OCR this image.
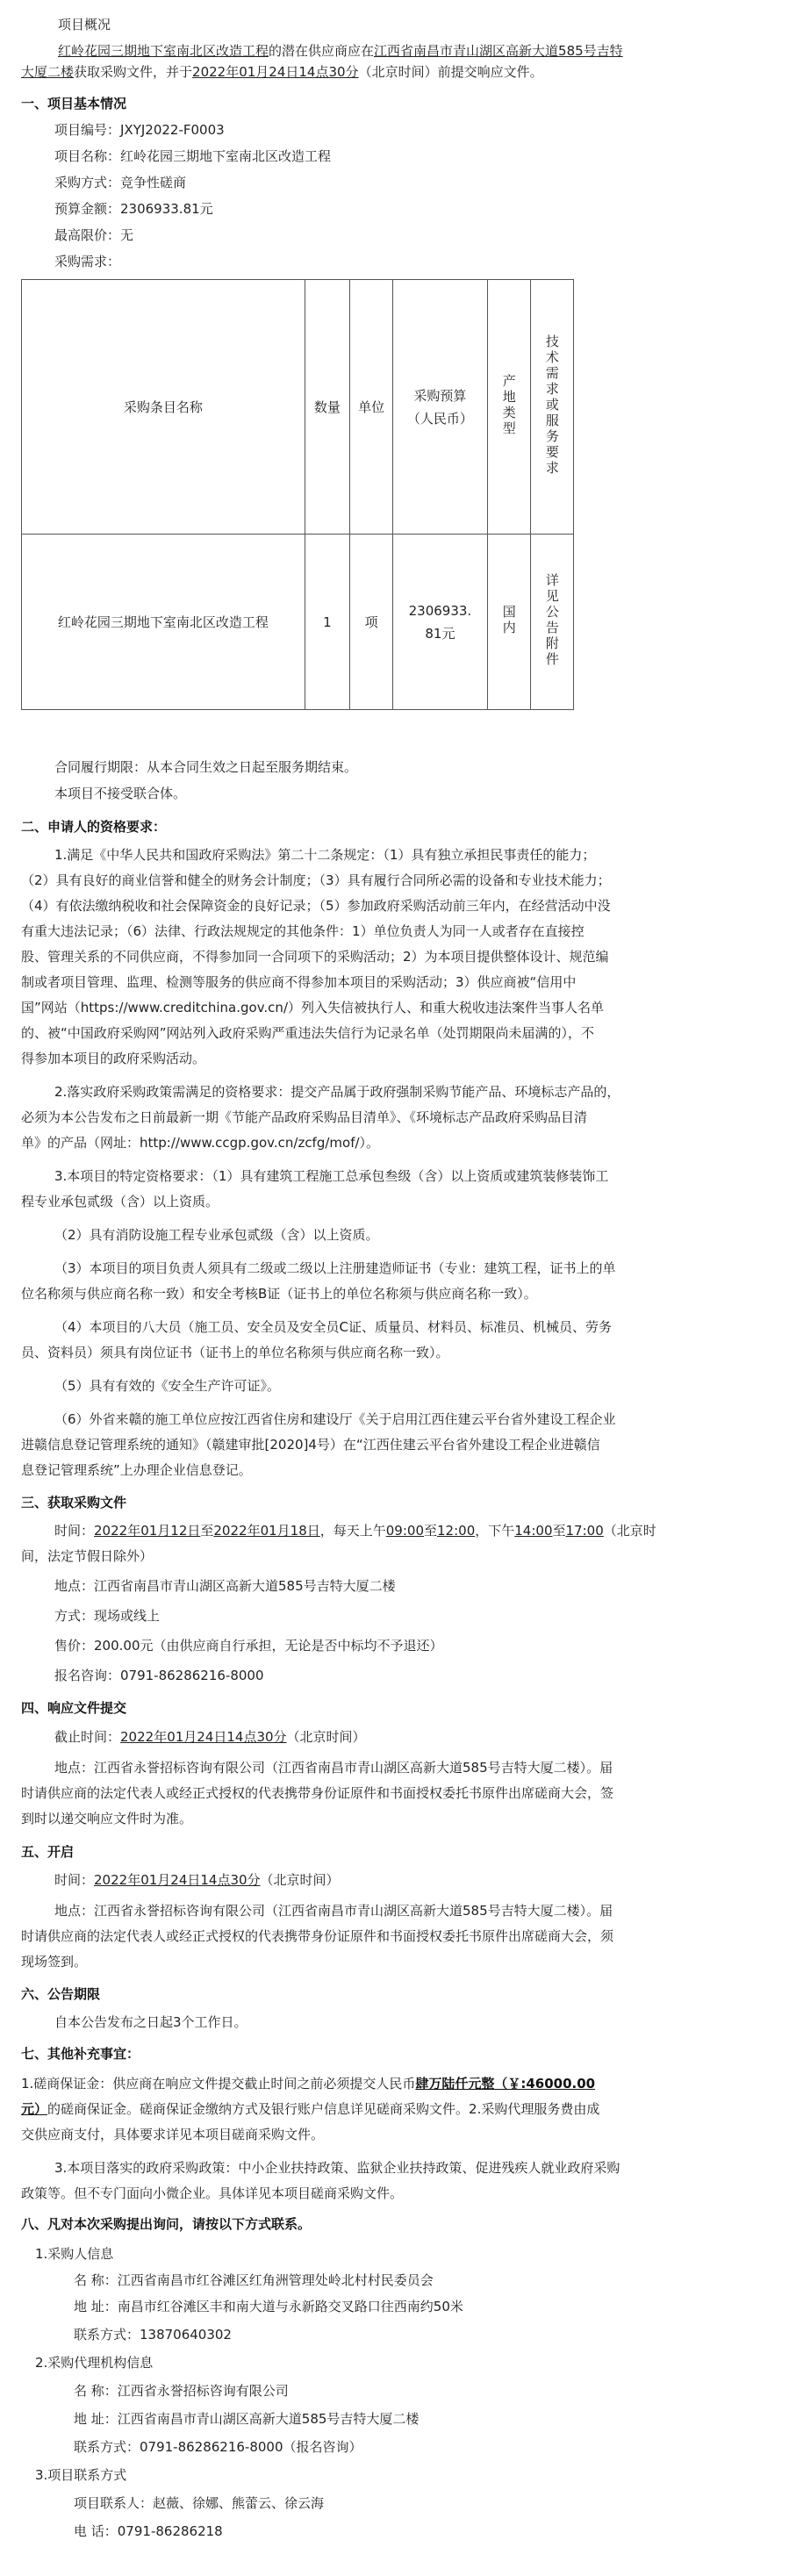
项目概况
红岭花园三期地下室南北区改造工程的潜在供应商应在江西省南昌市青山湖区高新大道585号吉特
大厦二楼获取采购文件，并于2022年01月24日14点30分（北京时间）前提交响应文件。
一、项目基本情况
项目编号：JXYJ2022-F0003
项目名称：红岭花园三期地下室南北区改造工程
采购方式：竞争性磋商
预算金额：2306933.81元
最高限价：无
采购需求：
采购条目名称	数量	单位	采购预算（人民币）	产地类型	技术需求或服务要求
红岭花园三期地下室南北区改造工程	1	项	2306933.81元	国内	详见公告附件
合同履行期限：从本合同生效之日起至服务期结束。
本项目不接受联合体。
二、申请人的资格要求：
1.满足《中华人民共和国政府采购法》第二十二条规定：（1）具有独立承担民事责任的能力；
（2）具有良好的商业信誉和健全的财务会计制度；（3）具有履行合同所必需的设备和专业技术能力；
（4）有依法缴纳税收和社会保障资金的良好记录；（5）参加政府采购活动前三年内，在经营活动中没
有重大违法记录；（6）法律、行政法规规定的其他条件：1）单位负责人为同一人或者存在直接控
股、管理关系的不同供应商，不得参加同一合同项下的采购活动；2）为本项目提供整体设计、规范编
制或者项目管理、监理、检测等服务的供应商不得参加本项目的采购活动；3）供应商被“信用中
国”网站（https://www.creditchina.gov.cn/）列入失信被执行人、和重大税收违法案件当事人名单
的、被“中国政府采购网”网站列入政府采购严重违法失信行为记录名单（处罚期限尚未届满的），不
得参加本项目的政府采购活动。
2.落实政府采购政策需满足的资格要求：提交产品属于政府强制采购节能产品、环境标志产品的，
必须为本公告发布之日前最新一期《节能产品政府采购品目清单》、《环境标志产品政府采购品目清
单》的产品（网址：http://www.ccgp.gov.cn/zcfg/mof/）。
3.本项目的特定资格要求：（1）具有建筑工程施工总承包叁级（含）以上资质或建筑装修装饰工
程专业承包贰级（含）以上资质。
（2）具有消防设施工程专业承包贰级（含）以上资质。
（3）本项目的项目负责人须具有二级或二级以上注册建造师证书（专业：建筑工程，证书上的单
位名称须与供应商名称一致）和安全考核B证（证书上的单位名称须与供应商名称一致）。
（4）本项目的八大员（施工员、安全员及安全员C证、质量员、材料员、标准员、机械员、劳务
员、资料员）须具有岗位证书（证书上的单位名称须与供应商名称一致）。
（5）具有有效的《安全生产许可证》。
（6）外省来赣的施工单位应按江西省住房和建设厅《关于启用江西住建云平台省外建设工程企业
进赣信息登记管理系统的通知》（赣建审批[2020]4号）在“江西住建云平台省外建设工程企业进赣信
息登记管理系统”上办理企业信息登记。
三、获取采购文件
时间：2022年01月12日至2022年01月18日，每天上午09:00至12:00，下午14:00至17:00（北京时
间，法定节假日除外）
地点：江西省南昌市青山湖区高新大道585号吉特大厦二楼
方式：现场或线上
售价：200.00元（由供应商自行承担，无论是否中标均不予退还）
报名咨询：0791-86286216-8000
四、响应文件提交
截止时间：2022年01月24日14点30分（北京时间）
地点：江西省永誉招标咨询有限公司（江西省南昌市青山湖区高新大道585号吉特大厦二楼）。届
时请供应商的法定代表人或经正式授权的代表携带身份证原件和书面授权委托书原件出席磋商大会，签
到时以递交响应文件时为准。
五、开启
时间：2022年01月24日14点30分（北京时间）
地点：江西省永誉招标咨询有限公司（江西省南昌市青山湖区高新大道585号吉特大厦二楼）。届
时请供应商的法定代表人或经正式授权的代表携带身份证原件和书面授权委托书原件出席磋商大会，须
现场签到。
六、公告期限
自本公告发布之日起3个工作日。
七、其他补充事宜：
1.磋商保证金：供应商在响应文件提交截止时间之前必须提交人民币肆万陆仟元整（￥:46000.00
元）的磋商保证金。磋商保证金缴纳方式及银行账户信息详见磋商采购文件。2.采购代理服务费由成
交供应商支付，具体要求详见本项目磋商采购文件。
3.本项目落实的政府采购政策：中小企业扶持政策、监狱企业扶持政策、促进残疾人就业政府采购
政策等。但不专门面向小微企业。具体详见本项目磋商采购文件。
八、凡对本次采购提出询问，请按以下方式联系。
1.采购人信息
名 称：江西省南昌市红谷滩区红角洲管理处岭北村村民委员会
地 址：南昌市红谷滩区丰和南大道与永新路交叉路口往西南约50米
联系方式：13870640302
2.采购代理机构信息
名 称：江西省永誉招标咨询有限公司
地 址：江西省南昌市青山湖区高新大道585号吉特大厦二楼
联系方式：0791-86286216-8000（报名咨询）
3.项目联系方式
项目联系人：赵薇、徐娜、熊蕾云、徐云海
电 话：0791-86286218
